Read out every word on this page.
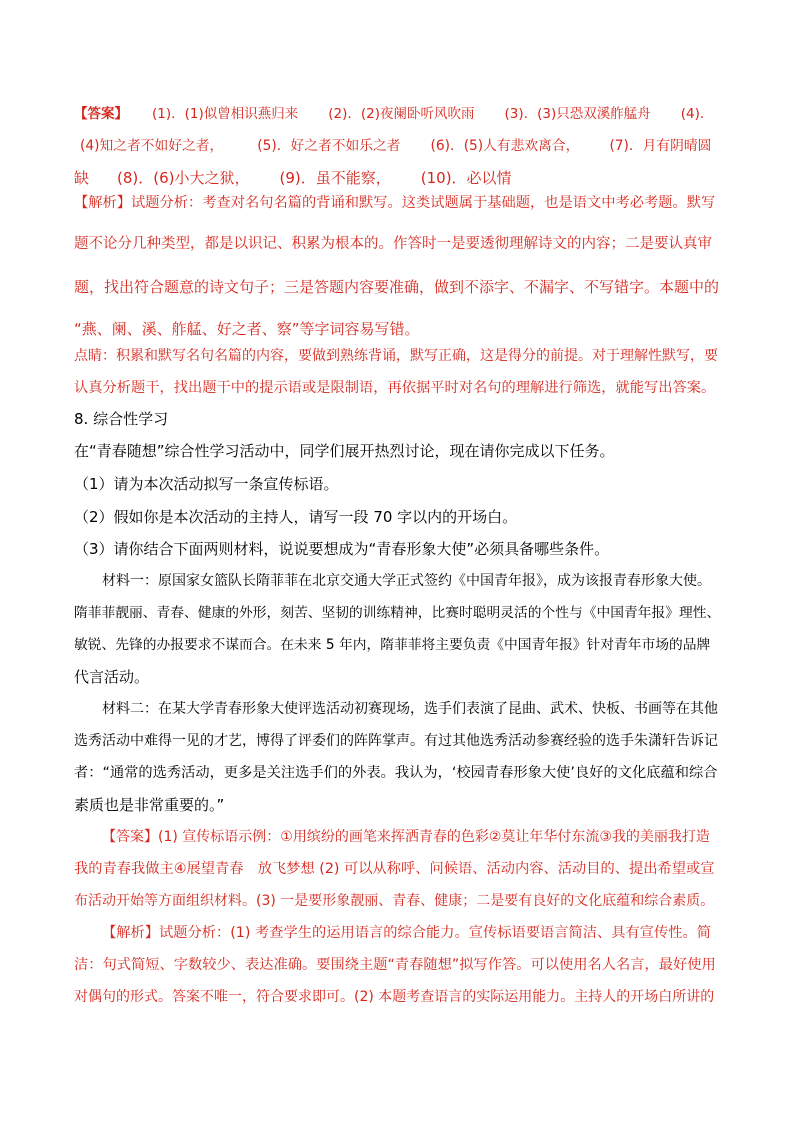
【答案】 (1)．(1)似曾相识燕归来 (2)．(2)夜阑卧听风吹雨 (3)．(3)只恐双溪舴艋舟 (4)．
(4)知之者不如好之者， (5)．好之者不如乐之者 (6)．(5)人有悲欢离合， (7)．月有阴晴圆
缺 (8)．(6)小大之狱， (9)．虽不能察， (10)．必以情
【解析】试题分析：考查对名句名篇的背诵和默写。这类试题属于基础题，也是语文中考必考题。默写
题不论分几种类型，都是以识记、积累为根本的。作答时一是要透彻理解诗文的内容；二是要认真审
题，找出符合题意的诗文句子；三是答题内容要准确，做到不添字、不漏字、不写错字。本题中的
“燕、阑、溪、舴艋、好之者、察”等字词容易写错。
点睛：积累和默写名句名篇的内容，要做到熟练背诵，默写正确，这是得分的前提。对于理解性默写，要
认真分析题干，找出题干中的提示语或是限制语，再依据平时对名句的理解进行筛选，就能写出答案。
8. 综合性学习
在“青春随想”综合性学习活动中，同学们展开热烈讨论，现在请你完成以下任务。
（1）请为本次活动拟写一条宣传标语。
（2）假如你是本次活动的主持人，请写一段 70 字以内的开场白。
（3）请你结合下面两则材料，说说要想成为“青春形象大使”必须具备哪些条件。
材料一：原国家女篮队长隋菲菲在北京交通大学正式签约《中国青年报》，成为该报青春形象大使。
隋菲菲靓丽、青春、健康的外形，刻苦、坚韧的训练精神，比赛时聪明灵活的个性与《中国青年报》理性、
敏锐、先锋的办报要求不谋而合。在未来 5 年内，隋菲菲将主要负责《中国青年报》针对青年市场的品牌
代言活动。
材料二：在某大学青春形象大使评选活动初赛现场，选手们表演了昆曲、武术、快板、书画等在其他
选秀活动中难得一见的才艺，博得了评委们的阵阵掌声。有过其他选秀活动参赛经验的选手朱潇轩告诉记
者：“通常的选秀活动，更多是关注选手们的外表。我认为，‘校园青春形象大使’良好的文化底蕴和综合
素质也是非常重要的。”
【答案】(1) 宣传标语示例：①用缤纷的画笔来挥洒青春的色彩②莫让年华付东流③我的美丽我打造
我的青春我做主④展望青春　放飞梦想 (2) 可以从称呼、问候语、活动内容、活动目的、提出希望或宣
布活动开始等方面组织材料。(3) 一是要形象靓丽、青春、健康；二是要有良好的文化底蕴和综合素质。
【解析】试题分析：(1) 考查学生的运用语言的综合能力。宣传标语要语言简洁、具有宣传性。简
洁：句式简短、字数较少、表达准确。要围绕主题“青春随想”拟写作答。可以使用名人名言，最好使用
对偶句的形式。答案不唯一，符合要求即可。(2) 本题考查语言的实际运用能力。主持人的开场白所讲的
